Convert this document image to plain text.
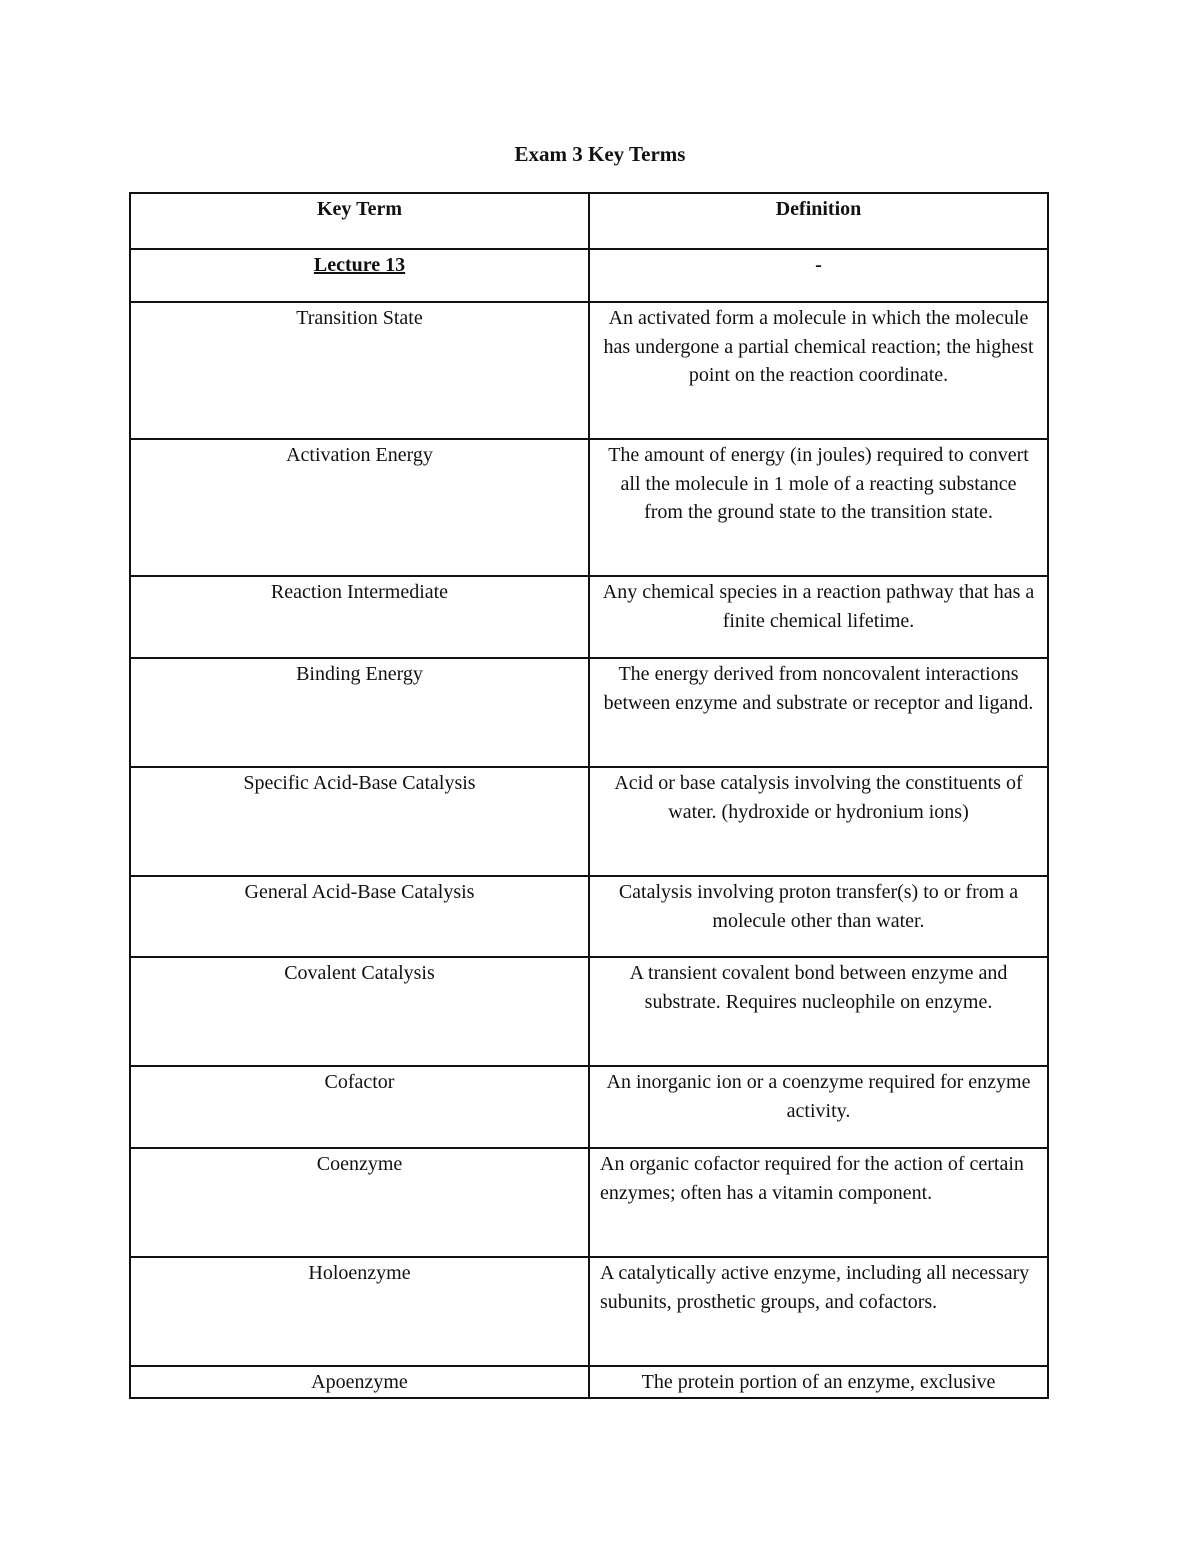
Exam 3 Key Terms
Key Term	Definition
Lecture 13	-
Transition State	An activated form a molecule in which the molecule has undergone a partial chemical reaction; the highest point on the reaction coordinate.
Activation Energy	The amount of energy (in joules) required to convert all the molecule in 1 mole of a reacting substance from the ground state to the transition state.
Reaction Intermediate	Any chemical species in a reaction pathway that has a finite chemical lifetime.
Binding Energy	The energy derived from noncovalent interactions between enzyme and substrate or receptor and ligand.
Specific Acid-Base Catalysis	Acid or base catalysis involving the constituents of water. (hydroxide or hydronium ions)
General Acid-Base Catalysis	Catalysis involving proton transfer(s) to or from a molecule other than water.
Covalent Catalysis	A transient covalent bond between enzyme and substrate. Requires nucleophile on enzyme.
Cofactor	An inorganic ion or a coenzyme required for enzyme activity.
Coenzyme	An organic cofactor required for the action of certain enzymes; often has a vitamin component.
Holoenzyme	A catalytically active enzyme, including all necessary subunits, prosthetic groups, and cofactors.
Apoenzyme	The protein portion of an enzyme, exclusive
